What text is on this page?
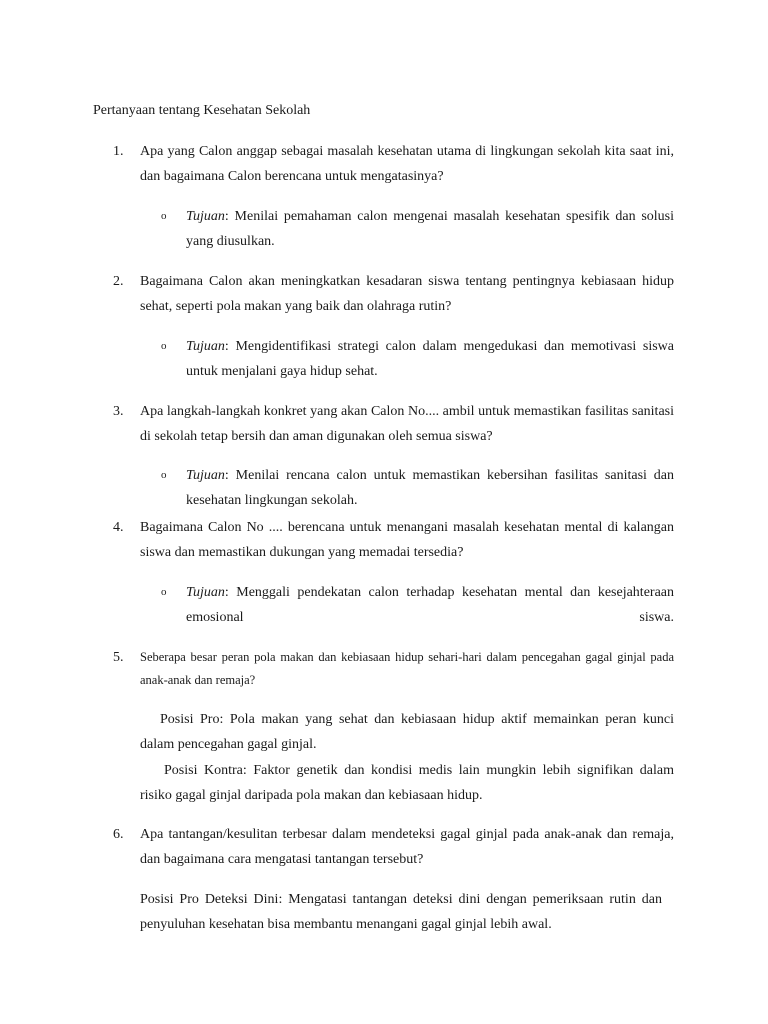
Pertanyaan tentang Kesehatan Sekolah
1.	Apa yang Calon anggap sebagai masalah kesehatan utama di lingkungan sekolah kita saat ini, dan bagaimana Calon berencana untuk mengatasinya?
o Tujuan: Menilai pemahaman calon mengenai masalah kesehatan spesifik dan solusi yang diusulkan.
2.	Bagaimana Calon akan meningkatkan kesadaran siswa tentang pentingnya kebiasaan hidup sehat, seperti pola makan yang baik dan olahraga rutin?
o Tujuan: Mengidentifikasi strategi calon dalam mengedukasi dan memotivasi siswa untuk menjalani gaya hidup sehat.
3.	Apa langkah-langkah konkret yang akan Calon No.... ambil untuk memastikan fasilitas sanitasi di sekolah tetap bersih dan aman digunakan oleh semua siswa?
o Tujuan: Menilai rencana calon untuk memastikan kebersihan fasilitas sanitasi dan kesehatan lingkungan sekolah.
4.	Bagaimana Calon No .... berencana untuk menangani masalah kesehatan mental di kalangan siswa dan memastikan dukungan yang memadai tersedia?
o Tujuan: Menggali pendekatan calon terhadap kesehatan mental dan kesejahteraan emosional siswa.
5.	Seberapa besar peran pola makan dan kebiasaan hidup sehari-hari dalam pencegahan gagal ginjal pada anak-anak dan remaja?
Posisi Pro: Pola makan yang sehat dan kebiasaan hidup aktif memainkan peran kunci dalam pencegahan gagal ginjal.
Posisi Kontra: Faktor genetik dan kondisi medis lain mungkin lebih signifikan dalam risiko gagal ginjal daripada pola makan dan kebiasaan hidup.
6.	Apa tantangan/kesulitan terbesar dalam mendeteksi gagal ginjal pada anak-anak dan remaja, dan bagaimana cara mengatasi tantangan tersebut?
Posisi Pro Deteksi Dini: Mengatasi tantangan deteksi dini dengan pemeriksaan rutin dan penyuluhan kesehatan bisa membantu menangani gagal ginjal lebih awal.
